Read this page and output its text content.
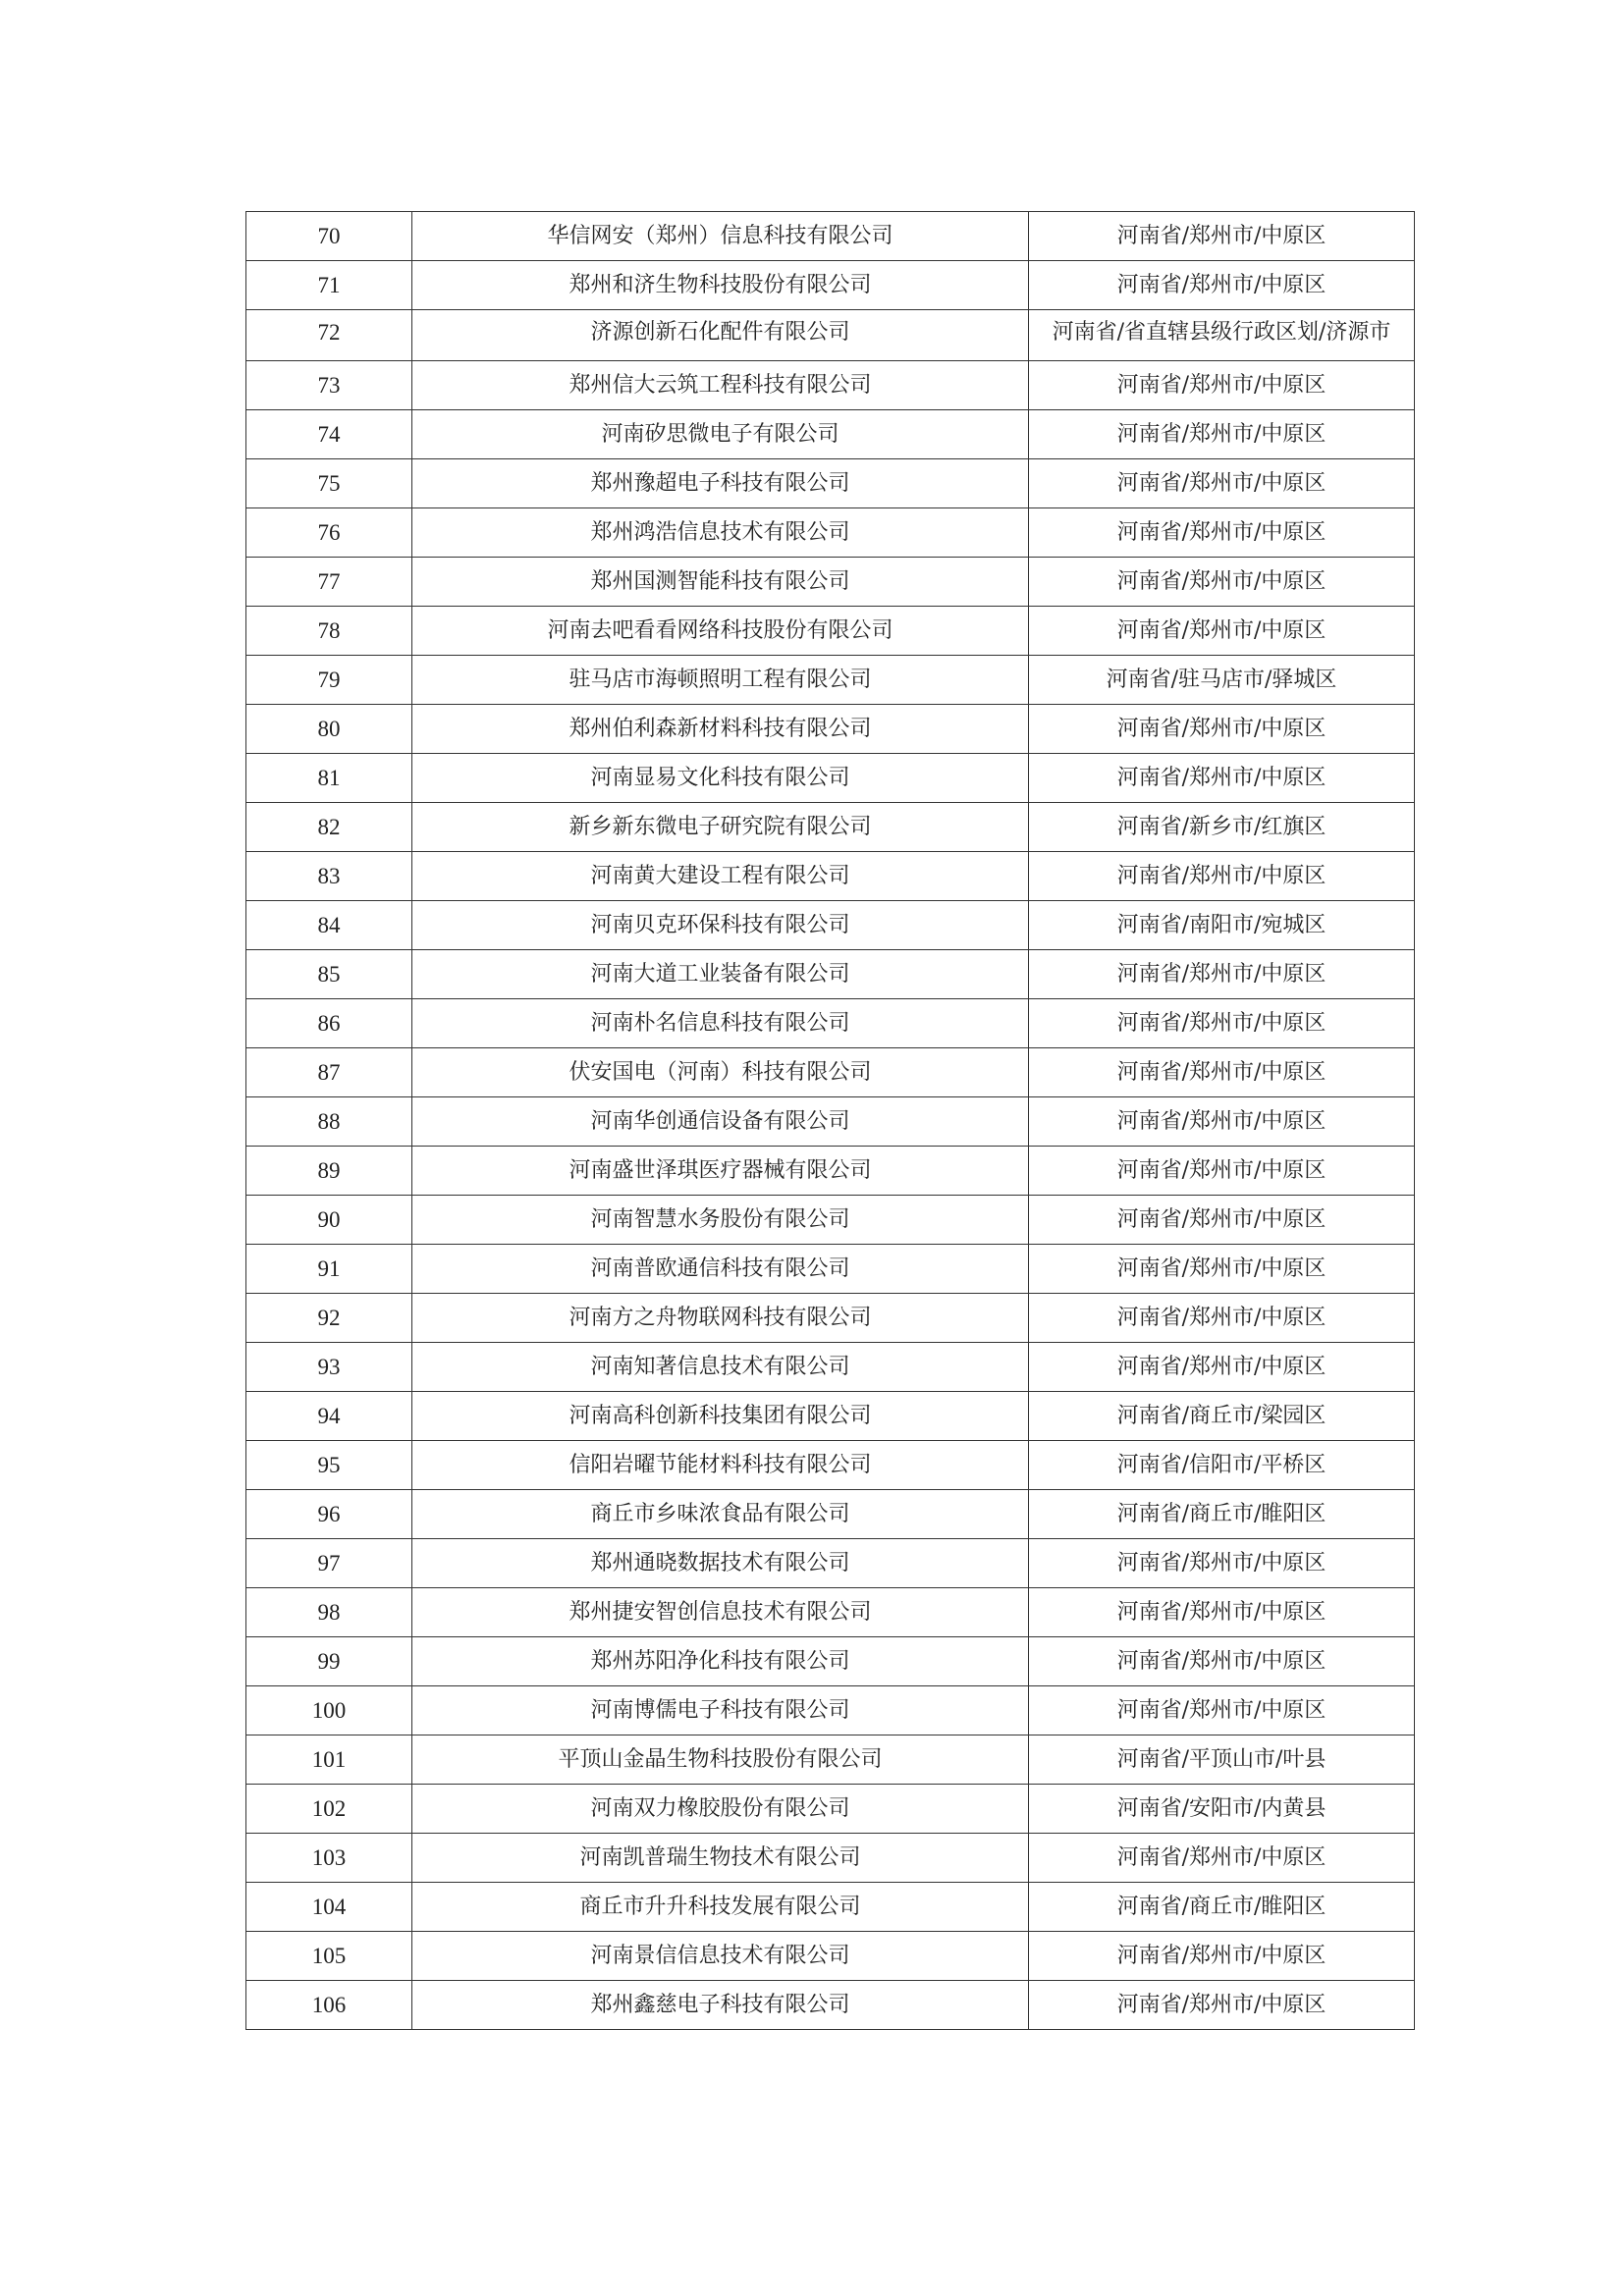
70	华信网安（郑州）信息科技有限公司	河南省/郑州市/中原区
71	郑州和济生物科技股份有限公司	河南省/郑州市/中原区
72	济源创新石化配件有限公司	河南省/省直辖县级行政区划/济源市
73	郑州信大云筑工程科技有限公司	河南省/郑州市/中原区
74	河南矽思微电子有限公司	河南省/郑州市/中原区
75	郑州豫超电子科技有限公司	河南省/郑州市/中原区
76	郑州鸿浩信息技术有限公司	河南省/郑州市/中原区
77	郑州国测智能科技有限公司	河南省/郑州市/中原区
78	河南去吧看看网络科技股份有限公司	河南省/郑州市/中原区
79	驻马店市海顿照明工程有限公司	河南省/驻马店市/驿城区
80	郑州伯利森新材料科技有限公司	河南省/郑州市/中原区
81	河南显易文化科技有限公司	河南省/郑州市/中原区
82	新乡新东微电子研究院有限公司	河南省/新乡市/红旗区
83	河南黄大建设工程有限公司	河南省/郑州市/中原区
84	河南贝克环保科技有限公司	河南省/南阳市/宛城区
85	河南大道工业装备有限公司	河南省/郑州市/中原区
86	河南朴名信息科技有限公司	河南省/郑州市/中原区
87	伏安国电（河南）科技有限公司	河南省/郑州市/中原区
88	河南华创通信设备有限公司	河南省/郑州市/中原区
89	河南盛世泽琪医疗器械有限公司	河南省/郑州市/中原区
90	河南智慧水务股份有限公司	河南省/郑州市/中原区
91	河南普欧通信科技有限公司	河南省/郑州市/中原区
92	河南方之舟物联网科技有限公司	河南省/郑州市/中原区
93	河南知著信息技术有限公司	河南省/郑州市/中原区
94	河南高科创新科技集团有限公司	河南省/商丘市/梁园区
95	信阳岩曜节能材料科技有限公司	河南省/信阳市/平桥区
96	商丘市乡味浓食品有限公司	河南省/商丘市/睢阳区
97	郑州通晓数据技术有限公司	河南省/郑州市/中原区
98	郑州捷安智创信息技术有限公司	河南省/郑州市/中原区
99	郑州苏阳净化科技有限公司	河南省/郑州市/中原区
100	河南博儒电子科技有限公司	河南省/郑州市/中原区
101	平顶山金晶生物科技股份有限公司	河南省/平顶山市/叶县
102	河南双力橡胶股份有限公司	河南省/安阳市/内黄县
103	河南凯普瑞生物技术有限公司	河南省/郑州市/中原区
104	商丘市升升科技发展有限公司	河南省/商丘市/睢阳区
105	河南景信信息技术有限公司	河南省/郑州市/中原区
106	郑州鑫慈电子科技有限公司	河南省/郑州市/中原区
